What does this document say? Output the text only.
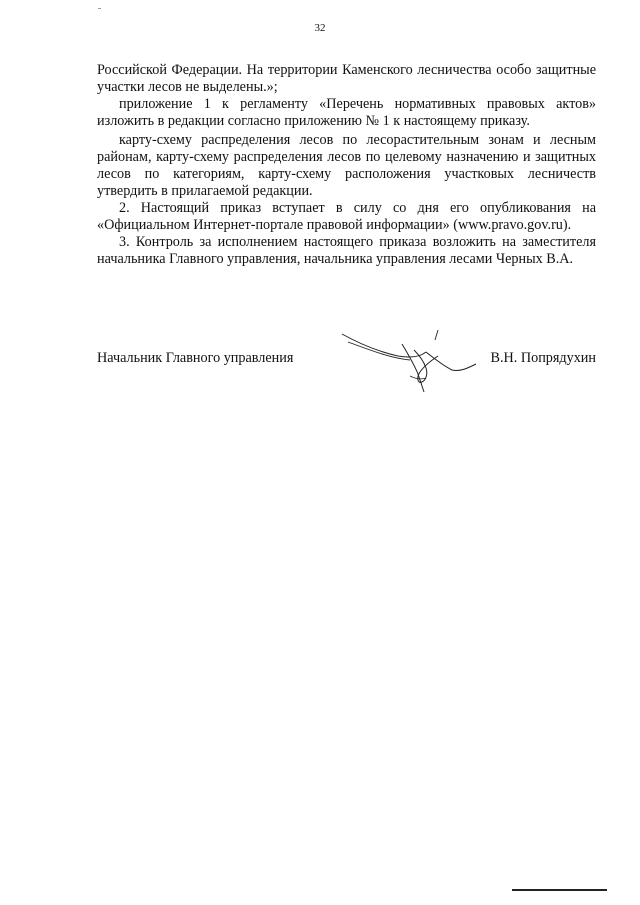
32

Российской Федерации. На территории Каменского лесничества особо защитные участки лесов не выделены.»;

приложение 1 к регламенту «Перечень нормативных правовых актов» изложить в редакции согласно приложению № 1 к настоящему приказу.

карту-схему распределения лесов по лесорастительным зонам и лесным районам, карту-схему распределения лесов по целевому назначению и защитных лесов по категориям, карту-схему расположения участковых лесничеств утвердить в прилагаемой редакции.

2. Настоящий приказ вступает в силу со дня его опубликования на «Официальном Интернет-портале правовой информации» (www.pravo.gov.ru).

3. Контроль за исполнением настоящего приказа возложить на заместителя начальника Главного управления, начальника управления лесами Черных В.А.

Начальник Главного управления	В.Н. Попрядухин
